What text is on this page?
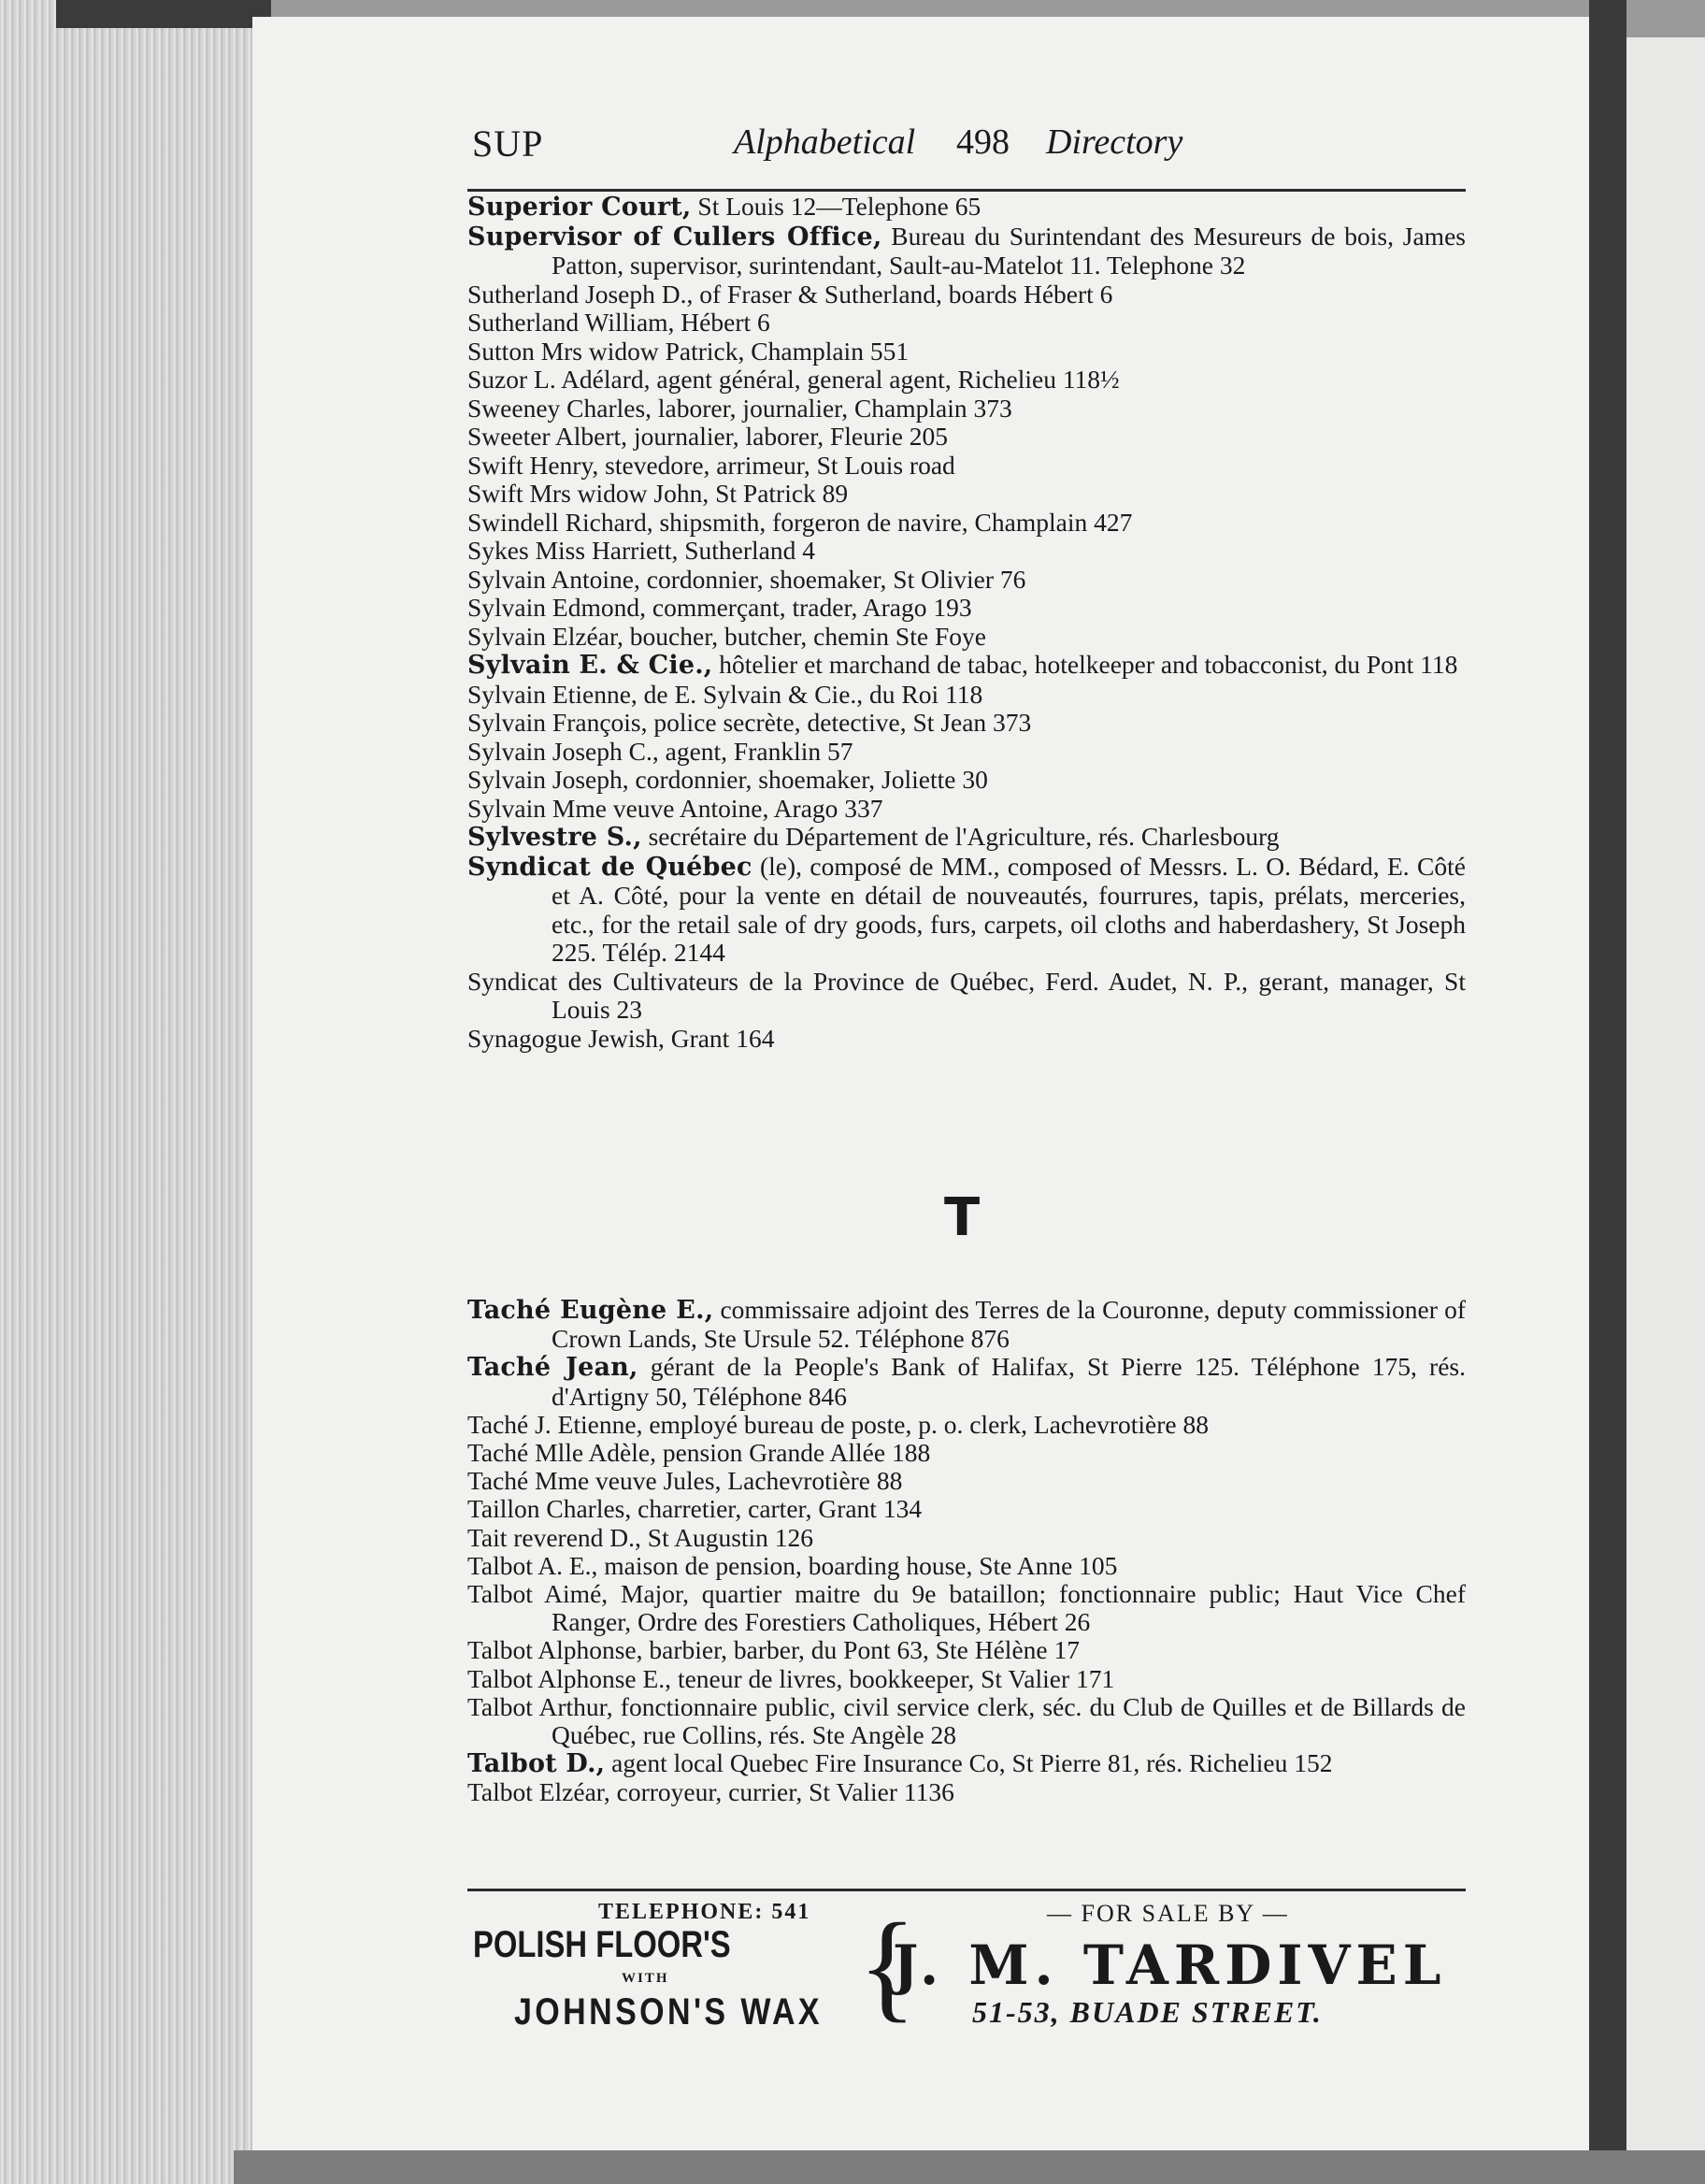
SUP	Alphabetical 498 Directory

Superior Court, St Louis 12—Telephone 65

Supervisor of Cullers Office, Bureau du Surintendant des Mesureurs de bois, James Patton, supervisor, surintendant, Sault-au-Matelot 11. Telephone 32

Sutherland Joseph D., of Fraser & Sutherland, boards Hébert 6

Sutherland William, Hébert 6

Sutton Mrs widow Patrick, Champlain 551

Suzor L. Adélard, agent général, general agent, Richelieu 118½

Sweeney Charles, laborer, journalier, Champlain 373

Sweeter Albert, journalier, laborer, Fleurie 205

Swift Henry, stevedore, arrimeur, St Louis road

Swift Mrs widow John, St Patrick 89

Swindell Richard, shipsmith, forgeron de navire, Champlain 427

Sykes Miss Harriett, Sutherland 4

Sylvain Antoine, cordonnier, shoemaker, St Olivier 76

Sylvain Edmond, commerçant, trader, Arago 193

Sylvain Elzéar, boucher, butcher, chemin Ste Foye

Sylvain E. & Cie., hôtelier et marchand de tabac, hotelkeeper and tobacconist, du Pont 118

Sylvain Etienne, de E. Sylvain & Cie., du Roi 118

Sylvain François, police secrète, detective, St Jean 373

Sylvain Joseph C., agent, Franklin 57

Sylvain Joseph, cordonnier, shoemaker, Joliette 30

Sylvain Mme veuve Antoine, Arago 337

Sylvestre S., secrétaire du Département de l'Agriculture, rés. Charlesbourg

Syndicat de Québec (le), composé de MM., composed of Messrs. L. O. Bédard, E. Côté et A. Côté, pour la vente en détail de nouveautés, fourrures, tapis, prélats, merceries, etc., for the retail sale of dry goods, furs, carpets, oil cloths and haberdashery, St Joseph 225. Télép. 2144

Syndicat des Cultivateurs de la Province de Québec, Ferd. Audet, N. P., gerant, manager, St Louis 23

Synagogue Jewish, Grant 164

T

Taché Eugène E., commissaire adjoint des Terres de la Couronne, deputy commissioner of Crown Lands, Ste Ursule 52. Téléphone 876

Taché Jean, gérant de la People's Bank of Halifax, St Pierre 125. Téléphone 175, rés. d'Artigny 50, Téléphone 846

Taché J. Etienne, employé bureau de poste, p. o. clerk, Lachevrotière 88

Taché Mlle Adèle, pension Grande Allée 188

Taché Mme veuve Jules, Lachevrotière 88

Taillon Charles, charretier, carter, Grant 134

Tait reverend D., St Augustin 126

Talbot A. E., maison de pension, boarding house, Ste Anne 105

Talbot Aimé, Major, quartier maitre du 9e bataillon; fonctionnaire public; Haut Vice Chef Ranger, Ordre des Forestiers Catholiques, Hébert 26

Talbot Alphonse, barbier, barber, du Pont 63, Ste Hélène 17

Talbot Alphonse E., teneur de livres, bookkeeper, St Valier 171

Talbot Arthur, fonctionnaire public, civil service clerk, séc. du Club de Quilles et de Billards de Québec, rue Collins, rés. Ste Angèle 28

Talbot D., agent local Quebec Fire Insurance Co, St Pierre 81, rés. Richelieu 152

Talbot Elzéar, corroyeur, currier, St Valier 1136

TELEPHONE: 541
POLISH FLOOR'S
WITH
JOHNSON'S WAX {	— FOR SALE BY —
J. M. TARDIVEL
51-53, BUADE STREET.
